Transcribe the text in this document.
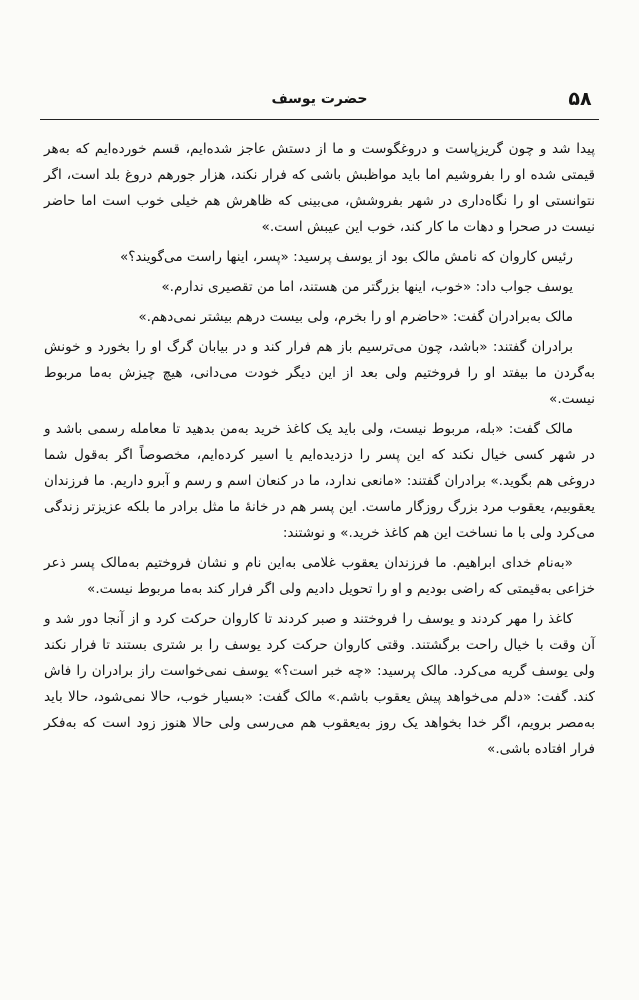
۵۸
حضرت یوسف

پیدا شد و چون گریزپاست و دروغگوست و ما از دستش عاجز شده‌ایم، قسم خورده‌ایم که به‌هر قیمتی شده او را بفروشیم اما باید مواظبش باشی که فرار نکند، هزار جورهم دروغ بلد است، اگر نتوانستی او را نگاه‌داری در شهر بفروشش، می‌بینی که ظاهرش هم خیلی خوب است اما حاضر نیست در صحرا و دهات ما کار کند، خوب این عیبش است.»

رئیس کاروان که نامش مالک بود از یوسف پرسید: «پسر، اینها راست می‌گویند؟»

یوسف جواب داد: «خوب، اینها بزرگتر من هستند، اما من تقصیری ندارم.»

مالک به‌برادران گفت: «حاضرم او را بخرم، ولی بیست درهم بیشتر نمی‌دهم.»

برادران گفتند: «باشد، چون می‌ترسیم باز هم فرار کند و در بیابان گرگ او را بخورد و خونش به‌گردن ما بیفتد او را فروختیم ولی بعد از این دیگر خودت می‌دانی، هیچ چیزش به‌ما مربوط نیست.»

مالک گفت: «بله، مربوط نیست، ولی باید یک کاغذ خرید به‌من بدهید تا معامله رسمی باشد و در شهر کسی خیال نکند که این پسر را دزدیده‌ایم یا اسیر کرده‌ایم، مخصوصاً اگر به‌قول شما دروغی هم بگوید.» برادران گفتند: «مانعی ندارد، ما در کنعان اسم و رسم و آبرو داریم. ما فرزندان یعقوبیم، یعقوب مرد بزرگ روزگار ماست. این پسر هم در خانهٔ ما مثل برادر ما بلکه عزیزتر زندگی می‌کرد ولی با ما نساخت این هم کاغذ خرید.» و نوشتند:

«به‌نام خدای ابراهیم. ما فرزندان یعقوب غلامی به‌این نام و نشان فروختیم به‌مالک پسر ذعر خزاعی به‌قیمتی که راضی بودیم و او را تحویل دادیم ولی اگر فرار کند به‌ما مربوط نیست.»

کاغذ را مهر کردند و یوسف را فروختند و صبر کردند تا کاروان حرکت کرد و از آنجا دور شد و آن وقت با خیال راحت برگشتند. وقتی کاروان حرکت کرد یوسف را بر شتری بستند تا فرار نکند ولی یوسف گریه می‌کرد. مالک پرسید: «چه خبر است؟» یوسف نمی‌خواست راز برادران را فاش کند. گفت: «دلم می‌خواهد پیش یعقوب باشم.» مالک گفت: «بسیار خوب، حالا نمی‌شود، حالا باید به‌مصر برویم، اگر خدا بخواهد یک روز به‌یعقوب هم می‌رسی ولی حالا هنوز زود است که به‌فکر فرار افتاده باشی.»
